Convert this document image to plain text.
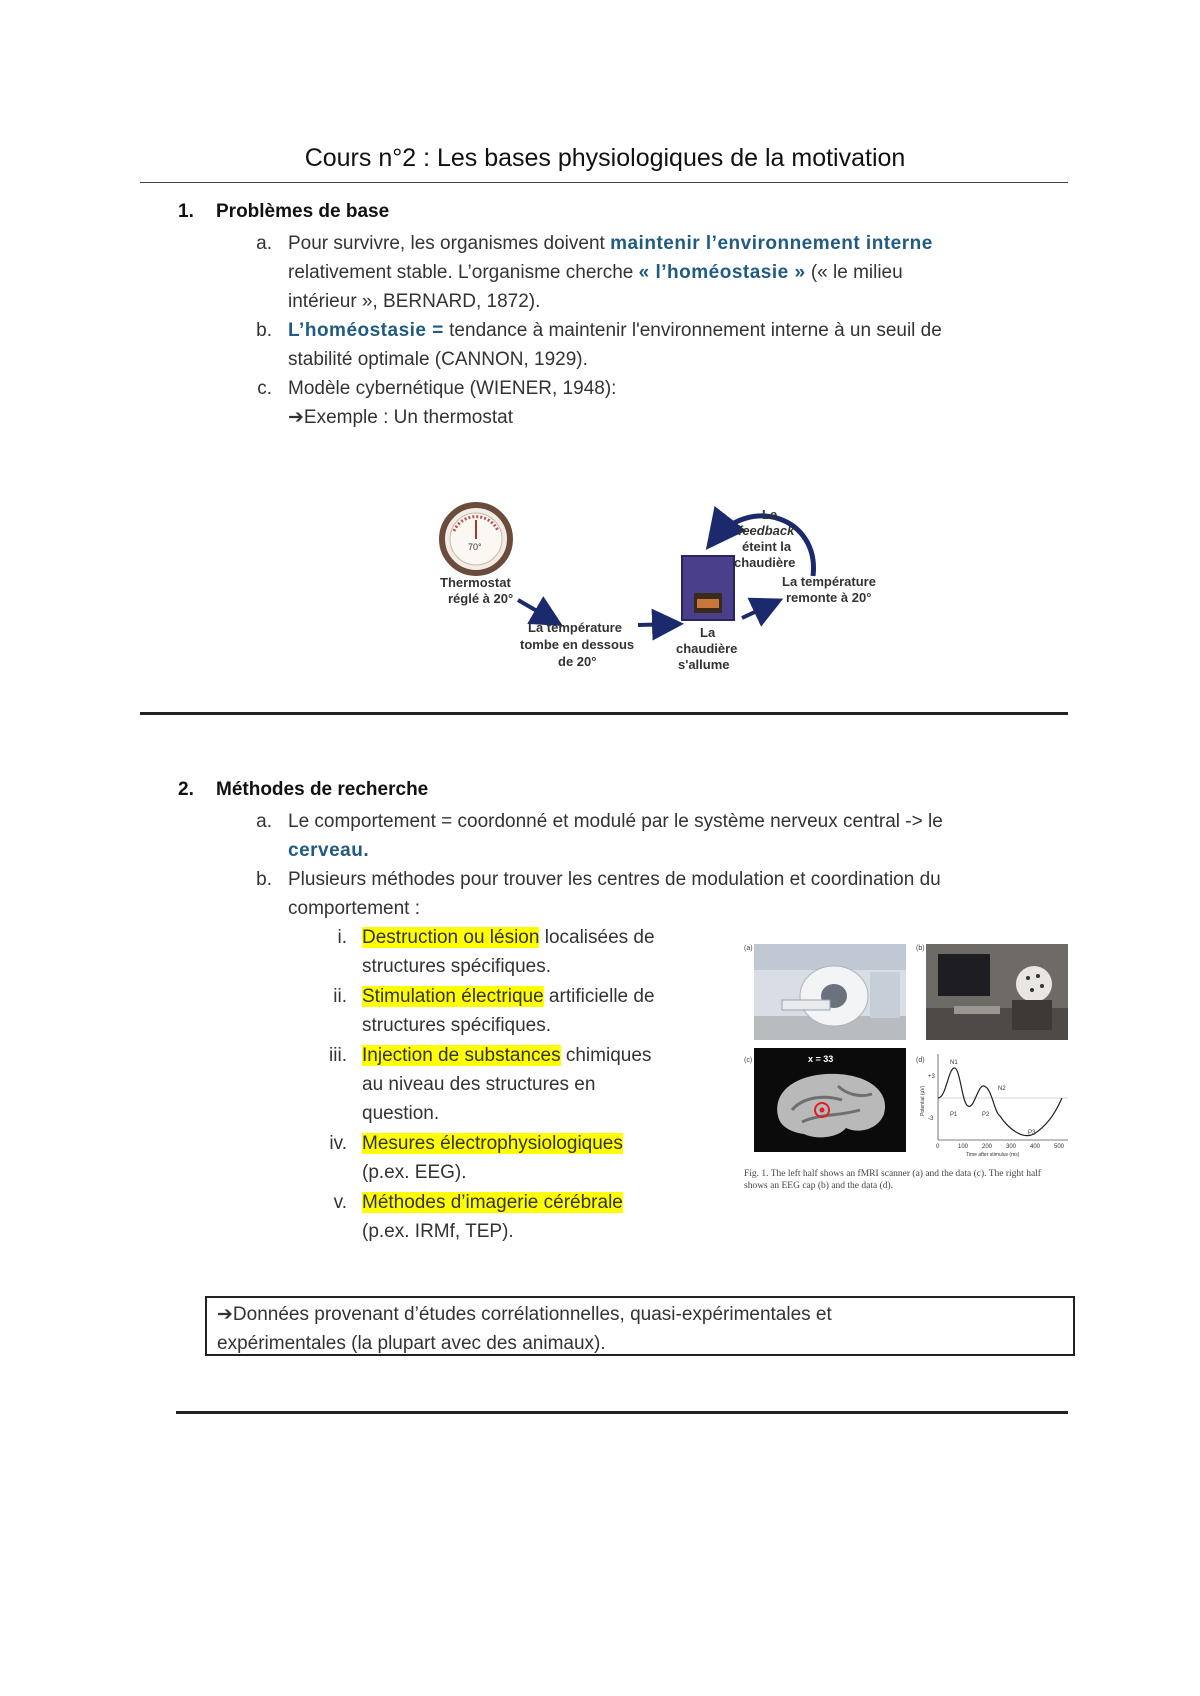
Cours n°2 : Les bases physiologiques de la motivation
1. Problèmes de base
a. Pour survivre, les organismes doivent maintenir l’environnement interne
relativement stable. L’organisme cherche « l’homéostasie » (« le milieu
intérieur », BERNARD, 1872).
b. L’homéostasie = tendance à maintenir l'environnement interne à un seuil de
stabilité optimale (CANNON, 1929).
c. Modèle cybernétique (WIENER, 1948):
➔Exemple : Un thermostat
70°
Thermostat
réglé à 20°
La température
tombe en dessous
de 20°
La
chaudière
s'allume
Le
feedback
éteint la
chaudière
La température
remonte à 20°
2. Méthodes de recherche
a. Le comportement = coordonné et modulé par le système nerveux central -> le
cerveau.
b. Plusieurs méthodes pour trouver les centres de modulation et coordination du
comportement :
i. Destruction ou lésion localisées de
structures spécifiques.
ii. Stimulation électrique artificielle de
structures spécifiques.
iii. Injection de substances chimiques
au niveau des structures en
question.
iv. Mesures électrophysiologiques
(p.ex. EEG).
v. Méthodes d’imagerie cérébrale
(p.ex. IRMf, TEP).
(a)	(b)
(c)	(d)
x = 33	N1
P1	P2
N2
P3
+3
-3
Potential (µV)
0	100 200 300 400 500
Time after stimulus (ms)
Fig. 1. The left half shows an fMRI scanner (a) and the data (c). The right half
shows an EEG cap (b) and the data (d).
➔Données provenant d’études corrélationnelles, quasi-expérimentales et
expérimentales (la plupart avec des animaux).
